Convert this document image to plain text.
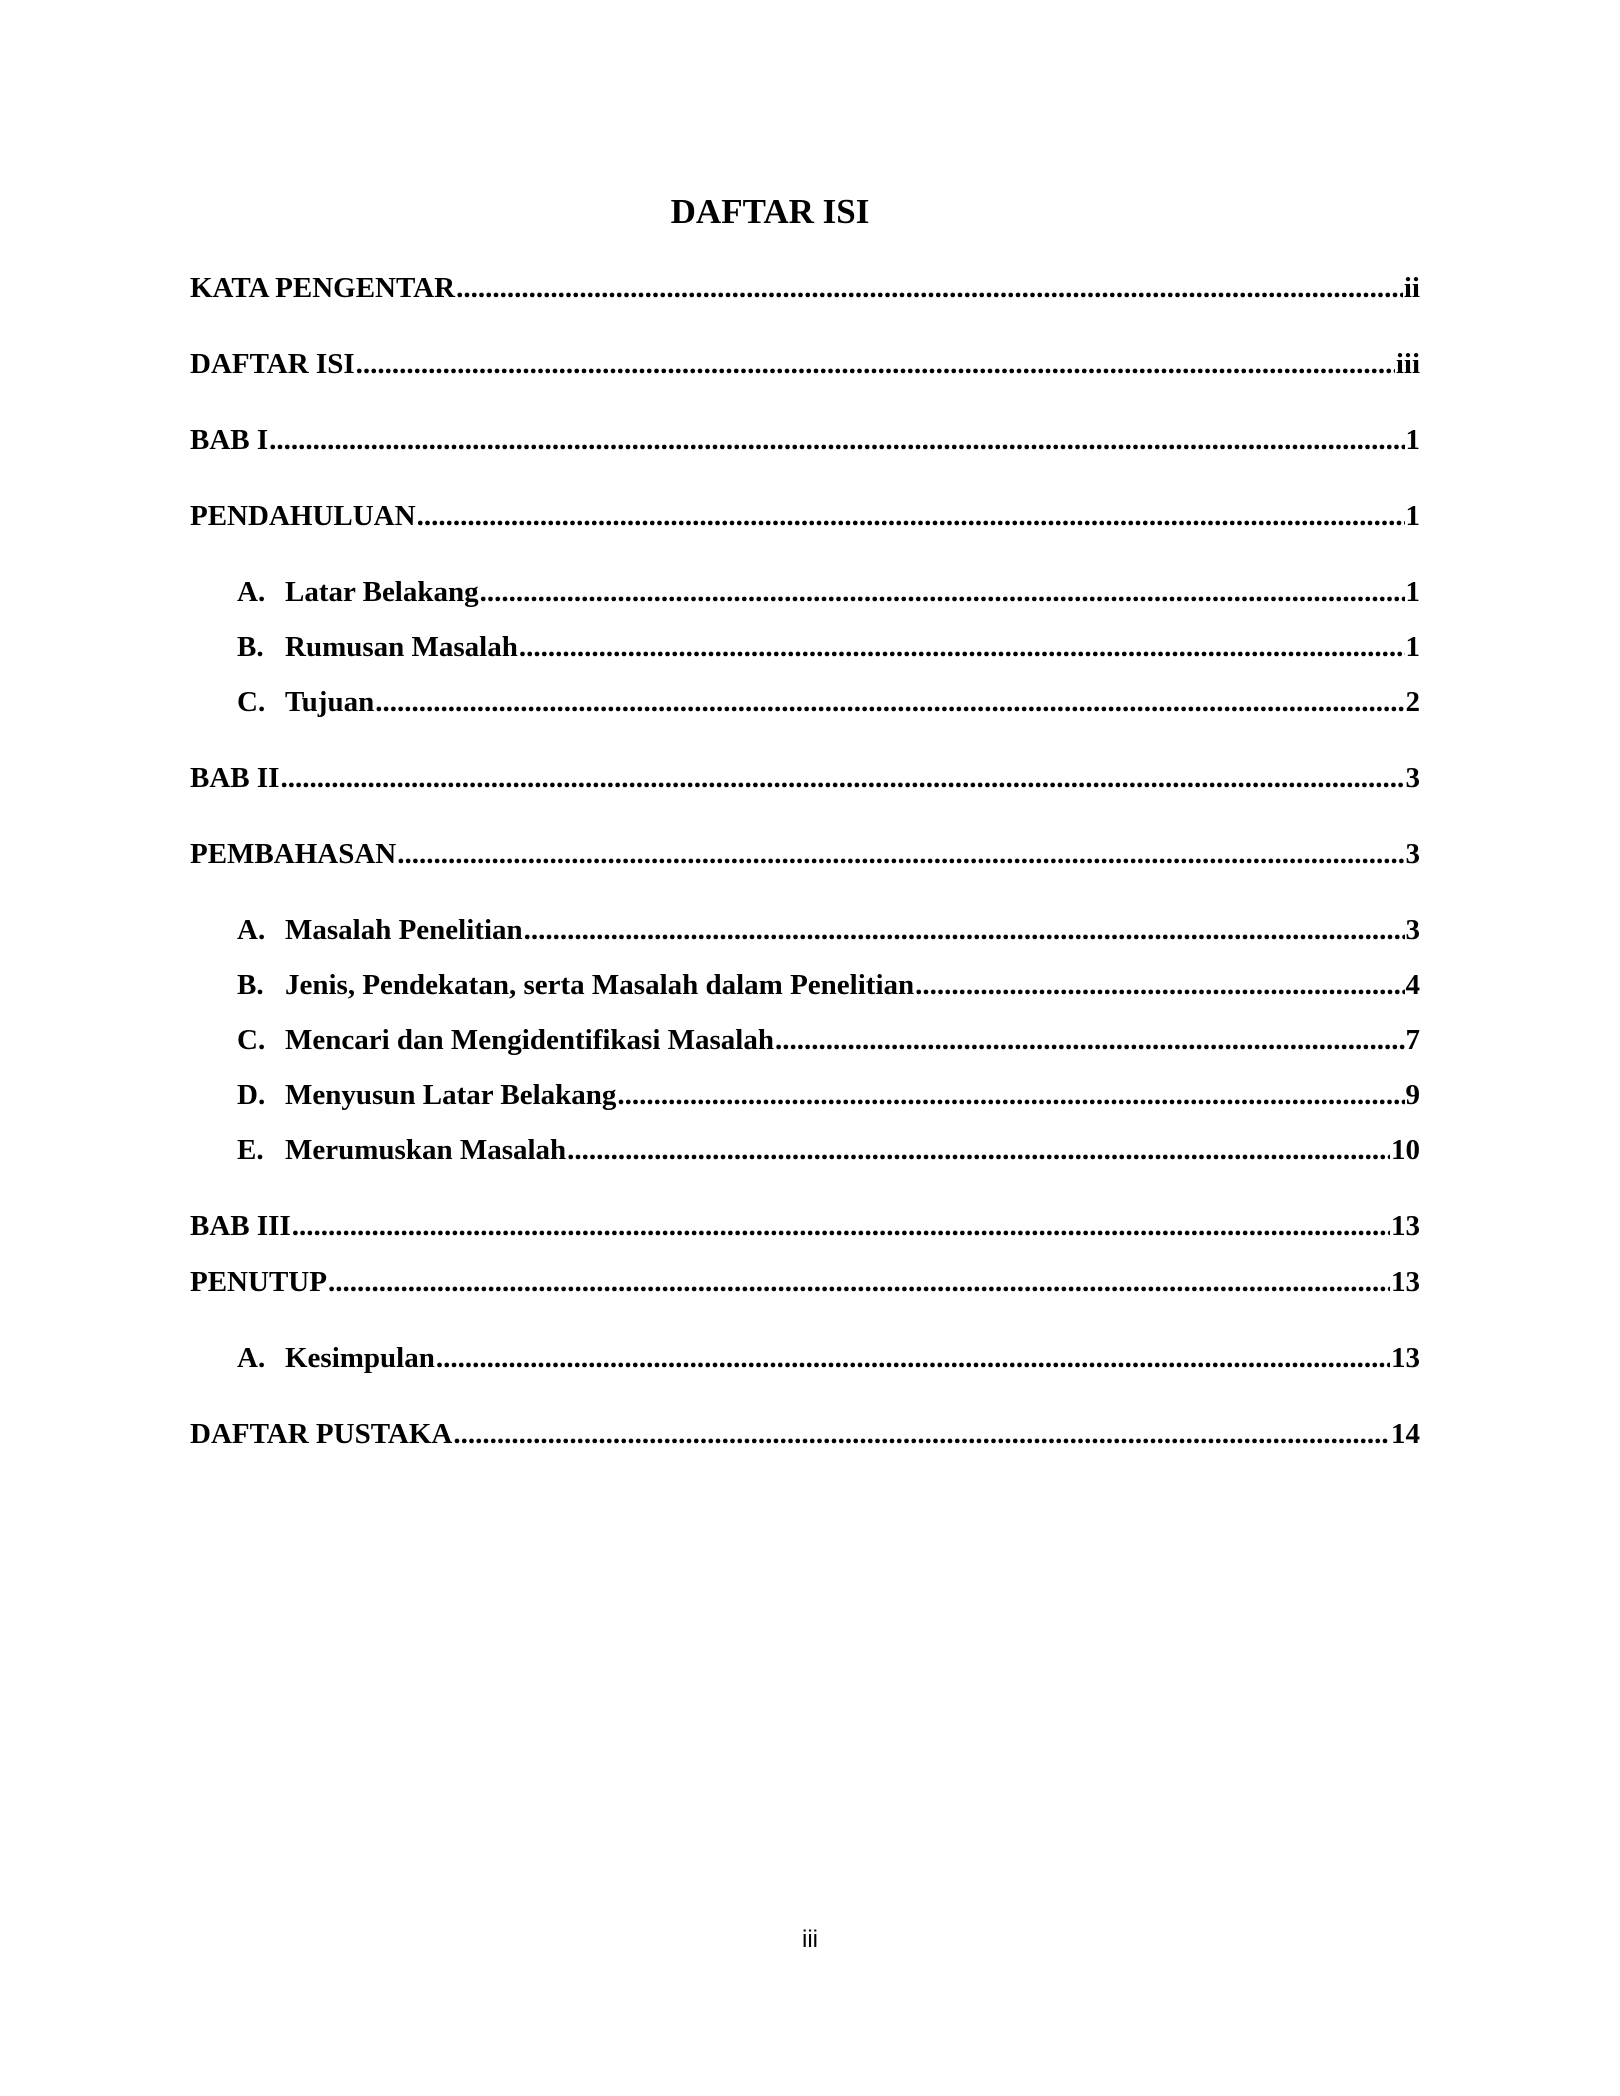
DAFTAR ISI
KATA PENGENTAR .....	ii
DAFTAR ISI .....	iii
BAB I .....	1
PENDAHULUAN .....	1
A. Latar Belakang .....	1
B. Rumusan Masalah .....	1
C. Tujuan .....	2
BAB II .....	3
PEMBAHASAN .....	3
A. Masalah Penelitian .....	3
B. Jenis, Pendekatan, serta Masalah dalam Penelitian .....	4
C. Mencari dan Mengidentifikasi Masalah .....	7
D. Menyusun Latar Belakang .....	9
E. Merumuskan Masalah .....	10
BAB III .....	13
PENUTUP .....	13
A. Kesimpulan .....	13
DAFTAR PUSTAKA .....	14
iii
